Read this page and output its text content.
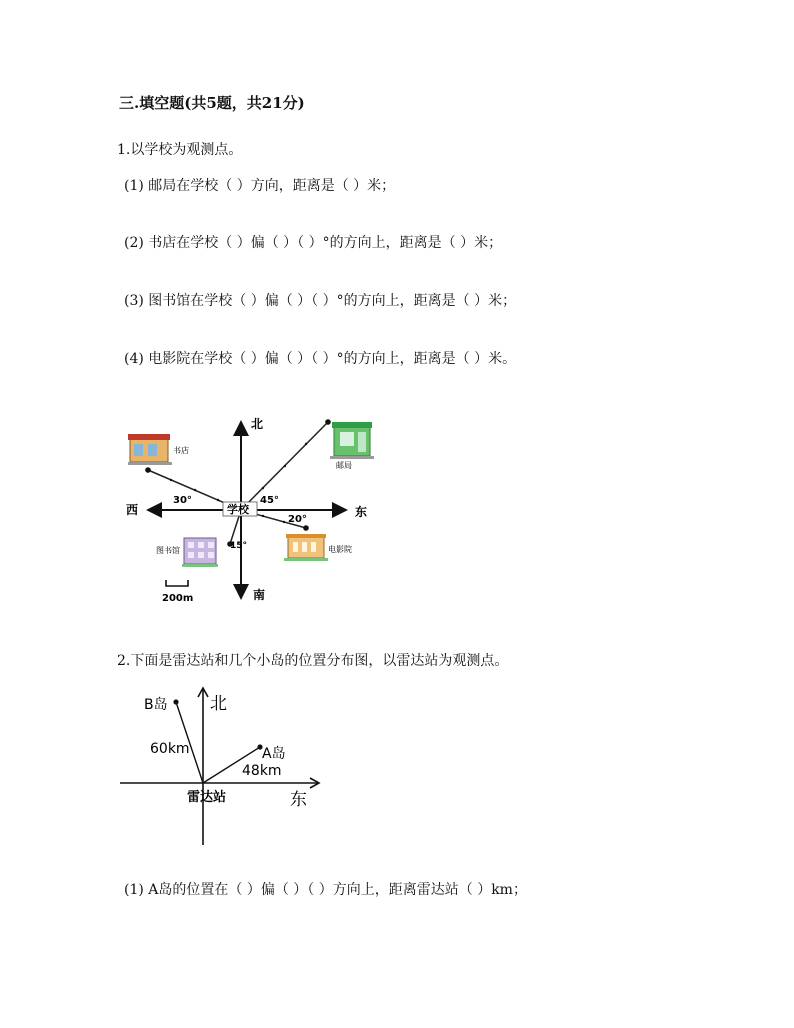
三.填空题(共5题，共21分)
1.以学校为观测点。
(1) 邮局在学校（ ）方向，距离是（ ）米；
(2) 书店在学校（ ）偏（ ）（ ）°的方向上，距离是（ ）米；
(3) 图书馆在学校（ ）偏（ ）（ ）°的方向上，距离是（ ）米；
(4) 电影院在学校（ ）偏（ ）（ ）°的方向上，距离是（ ）米。
北
南
东
西
30°	45°
20°
15°
学校
书店
邮局
图书馆	电影院
200m
2.下面是雷达站和几个小岛的位置分布图，以雷达站为观测点。
北
东
雷达站
B岛
60km	A岛
48km
(1) A岛的位置在（ ）偏（ ）（ ）方向上，距离雷达站（ ）km；
